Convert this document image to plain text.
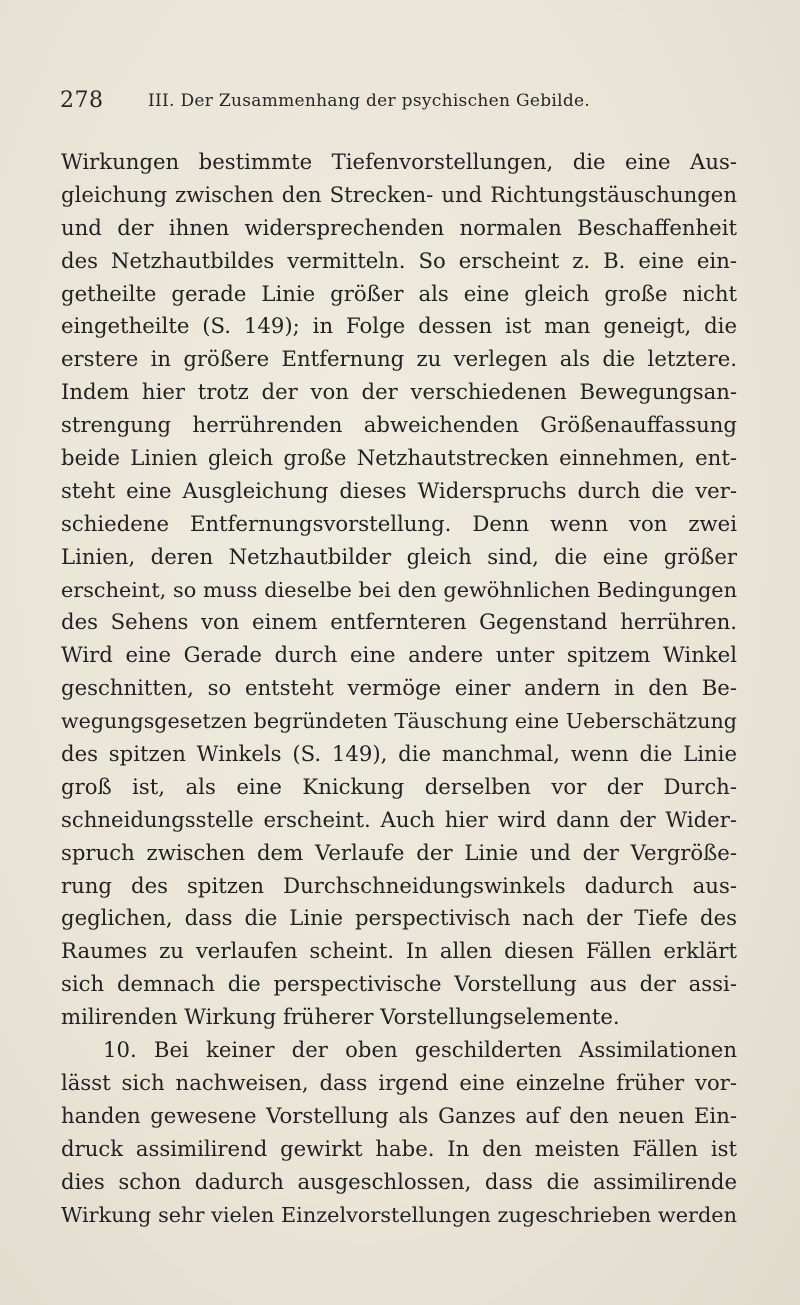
278	III. Der Zusammenhang der psychischen Gebilde.
Wirkungen bestimmte Tiefenvorstellungen, die eine Aus-
gleichung zwischen den Strecken- und Richtungstäuschungen
und der ihnen widersprechenden normalen Beschaffenheit
des Netzhautbildes vermitteln. So erscheint z. B. eine ein-
getheilte gerade Linie größer als eine gleich große nicht
eingetheilte (S. 149); in Folge dessen ist man geneigt, die
erstere in größere Entfernung zu verlegen als die letztere.
Indem hier trotz der von der verschiedenen Bewegungsan-
strengung herrührenden abweichenden Größenauffassung
beide Linien gleich große Netzhautstrecken einnehmen, ent-
steht eine Ausgleichung dieses Widerspruchs durch die ver-
schiedene Entfernungsvorstellung. Denn wenn von zwei
Linien, deren Netzhautbilder gleich sind, die eine größer
erscheint, so muss dieselbe bei den gewöhnlichen Bedingungen
des Sehens von einem entfernteren Gegenstand herrühren.
Wird eine Gerade durch eine andere unter spitzem Winkel
geschnitten, so entsteht vermöge einer andern in den Be-
wegungsgesetzen begründeten Täuschung eine Ueberschätzung
des spitzen Winkels (S. 149), die manchmal, wenn die Linie
groß ist, als eine Knickung derselben vor der Durch-
schneidungsstelle erscheint. Auch hier wird dann der Wider-
spruch zwischen dem Verlaufe der Linie und der Vergröße-
rung des spitzen Durchschneidungswinkels dadurch aus-
geglichen, dass die Linie perspectivisch nach der Tiefe des
Raumes zu verlaufen scheint. In allen diesen Fällen erklärt
sich demnach die perspectivische Vorstellung aus der assi-
milirenden Wirkung früherer Vorstellungselemente.
10. Bei keiner der oben geschilderten Assimilationen
lässt sich nachweisen, dass irgend eine einzelne früher vor-
handen gewesene Vorstellung als Ganzes auf den neuen Ein-
druck assimilirend gewirkt habe. In den meisten Fällen ist
dies schon dadurch ausgeschlossen, dass die assimilirende
Wirkung sehr vielen Einzelvorstellungen zugeschrieben werden
